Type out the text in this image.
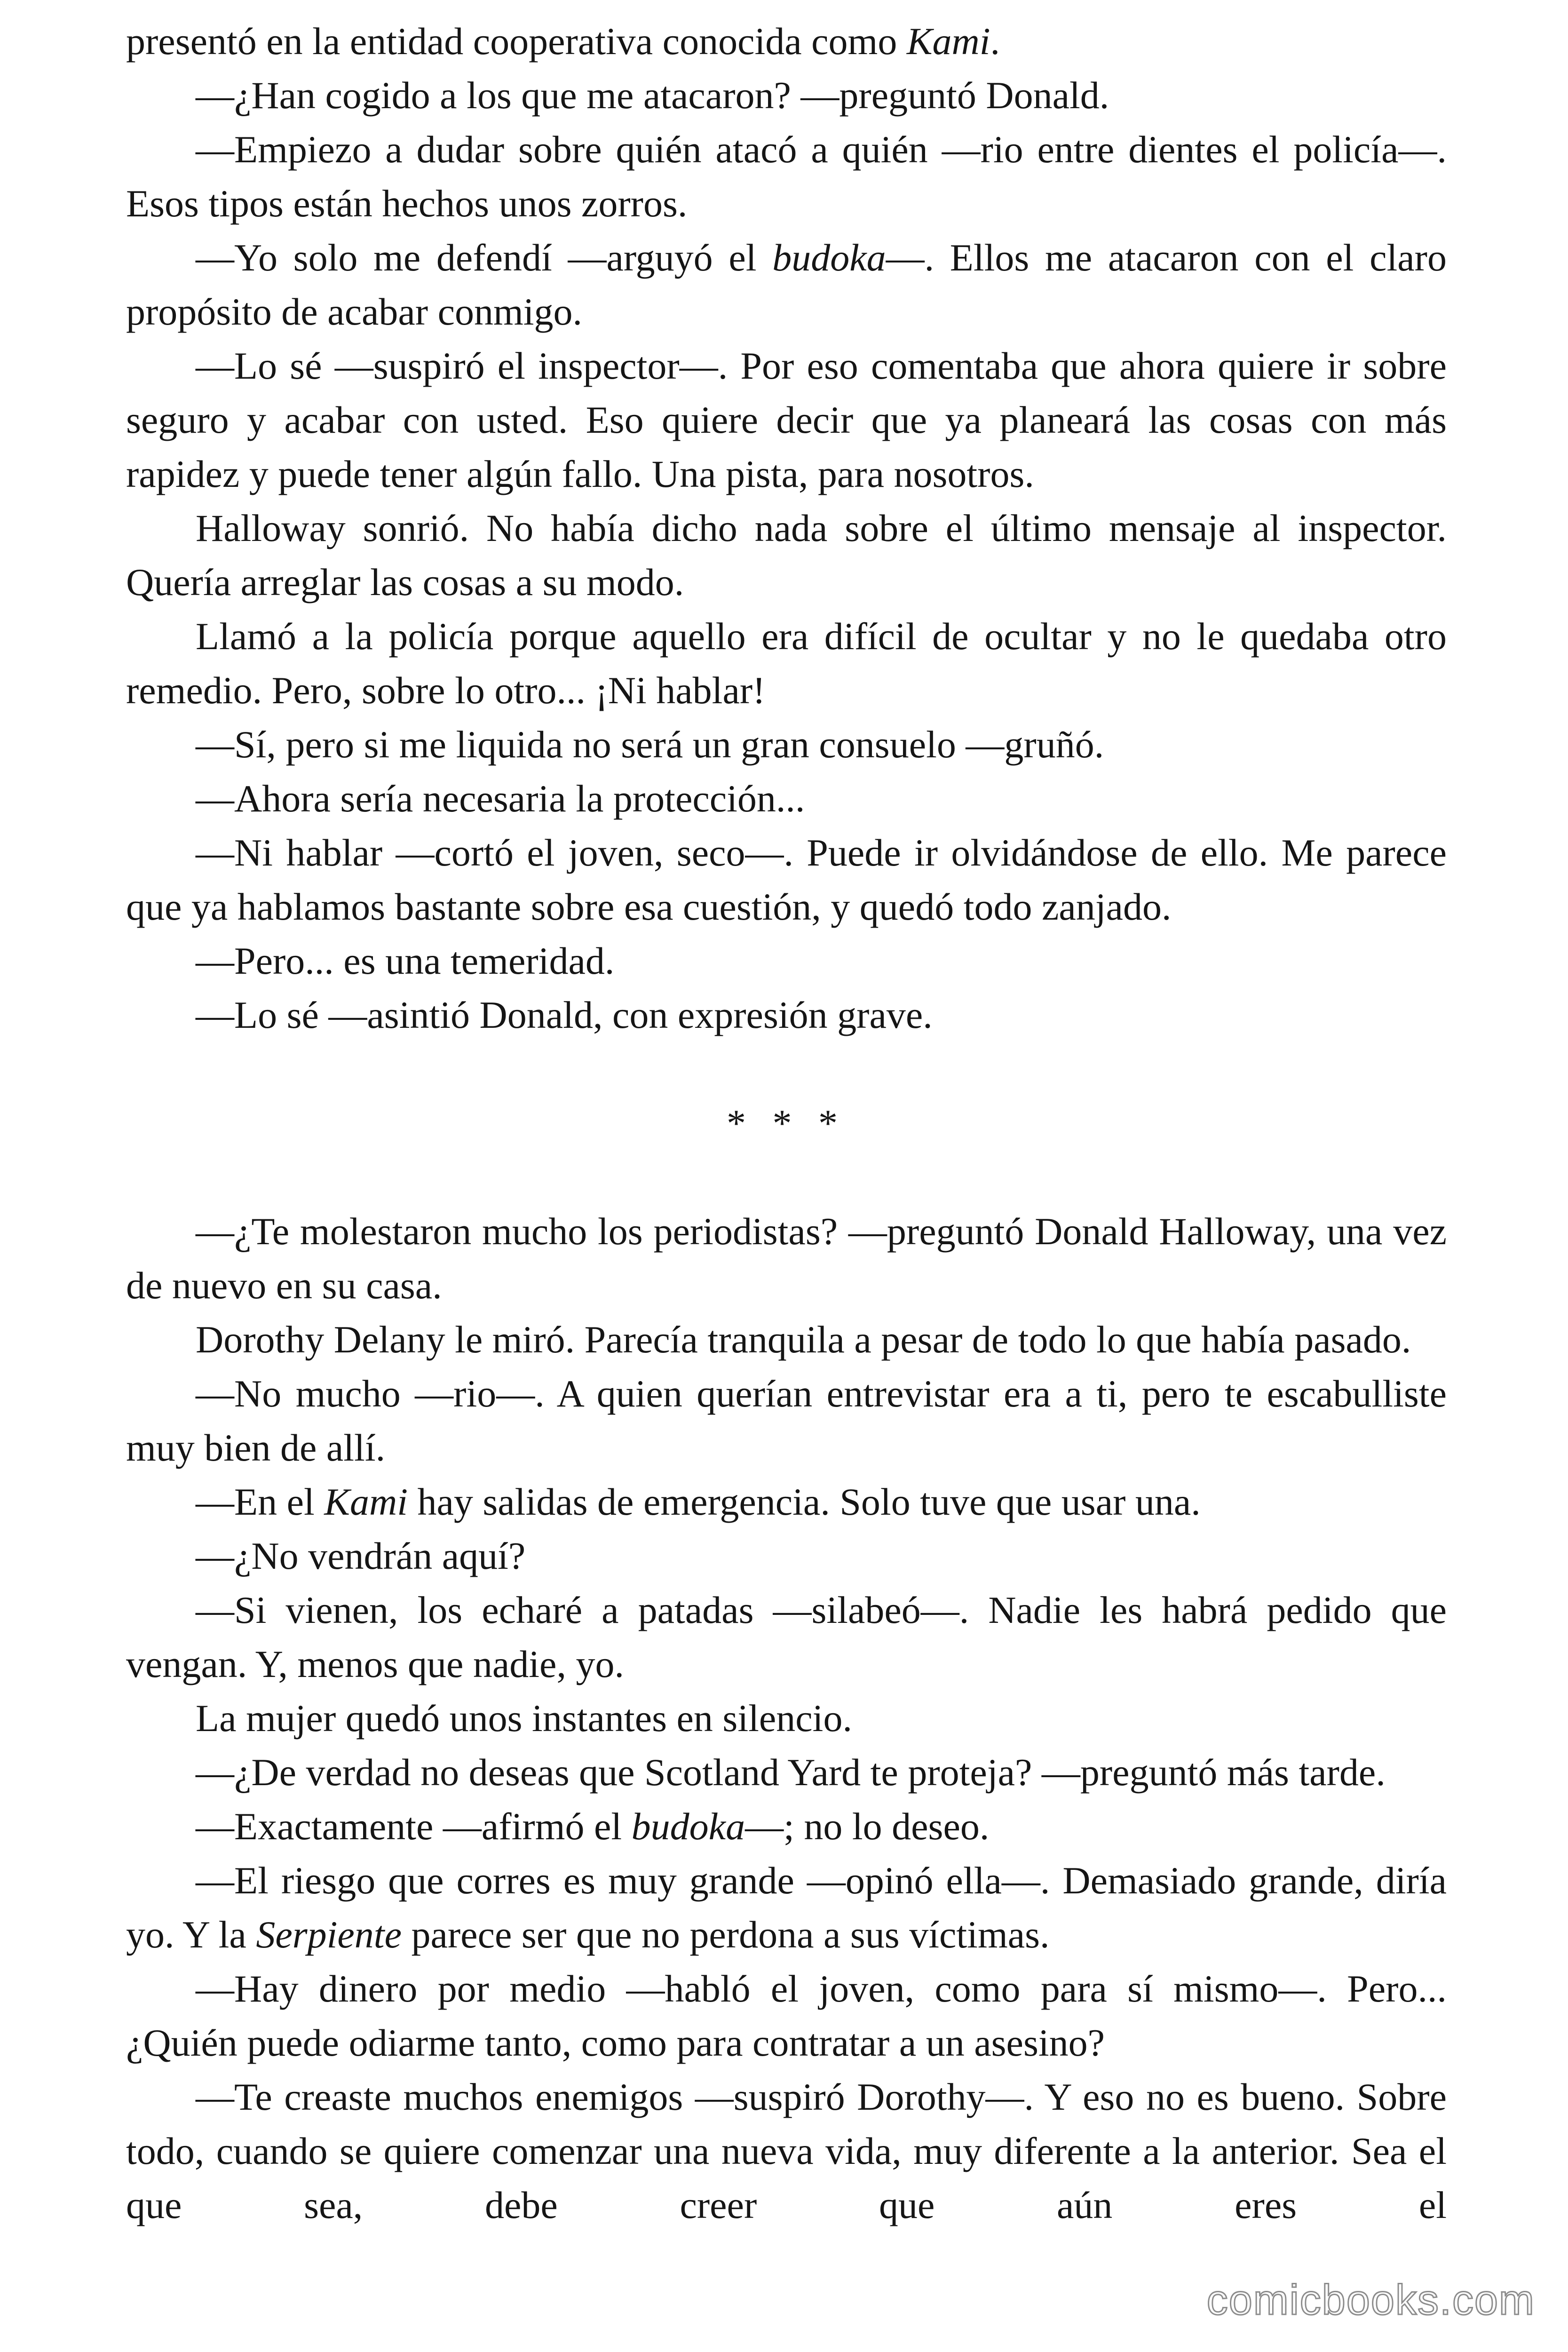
presentó en la entidad cooperativa conocida como Kami.

—¿Han cogido a los que me atacaron? —preguntó Donald.

—Empiezo a dudar sobre quién atacó a quién —rio entre dientes el policía—. Esos tipos están hechos unos zorros.

—Yo solo me defendí —arguyó el budoka—. Ellos me atacaron con el claro propósito de acabar conmigo.

—Lo sé —suspiró el inspector—. Por eso comentaba que ahora quiere ir sobre seguro y acabar con usted. Eso quiere decir que ya planeará las cosas con más rapidez y puede tener algún fallo. Una pista, para nosotros.

Halloway sonrió. No había dicho nada sobre el último mensaje al inspector. Quería arreglar las cosas a su modo.

Llamó a la policía porque aquello era difícil de ocultar y no le quedaba otro remedio. Pero, sobre lo otro... ¡Ni hablar!

—Sí, pero si me liquida no será un gran consuelo —gruñó.

—Ahora sería necesaria la protección...

—Ni hablar —cortó el joven, seco—. Puede ir olvidándose de ello. Me parece que ya hablamos bastante sobre esa cuestión, y quedó todo zanjado.

—Pero... es una temeridad.

—Lo sé —asintió Donald, con expresión grave.

* * *

—¿Te molestaron mucho los periodistas? —preguntó Donald Halloway, una vez de nuevo en su casa.

Dorothy Delany le miró. Parecía tranquila a pesar de todo lo que había pasado.

—No mucho —rio—. A quien querían entrevistar era a ti, pero te escabulliste muy bien de allí.

—En el Kami hay salidas de emergencia. Solo tuve que usar una.

—¿No vendrán aquí?

—Si vienen, los echaré a patadas —silabeó—. Nadie les habrá pedido que vengan. Y, menos que nadie, yo.

La mujer quedó unos instantes en silencio.

—¿De verdad no deseas que Scotland Yard te proteja? —preguntó más tarde.

—Exactamente —afirmó el budoka—; no lo deseo.

—El riesgo que corres es muy grande —opinó ella—. Demasiado grande, diría yo. Y la Serpiente parece ser que no perdona a sus víctimas.

—Hay dinero por medio —habló el joven, como para sí mismo—. Pero... ¿Quién puede odiarme tanto, como para contratar a un asesino?

—Te creaste muchos enemigos —suspiró Dorothy—. Y eso no es bueno. Sobre todo, cuando se quiere comenzar una nueva vida, muy diferente a la anterior. Sea el que sea, debe creer que aún eres el

comicbooks.com
